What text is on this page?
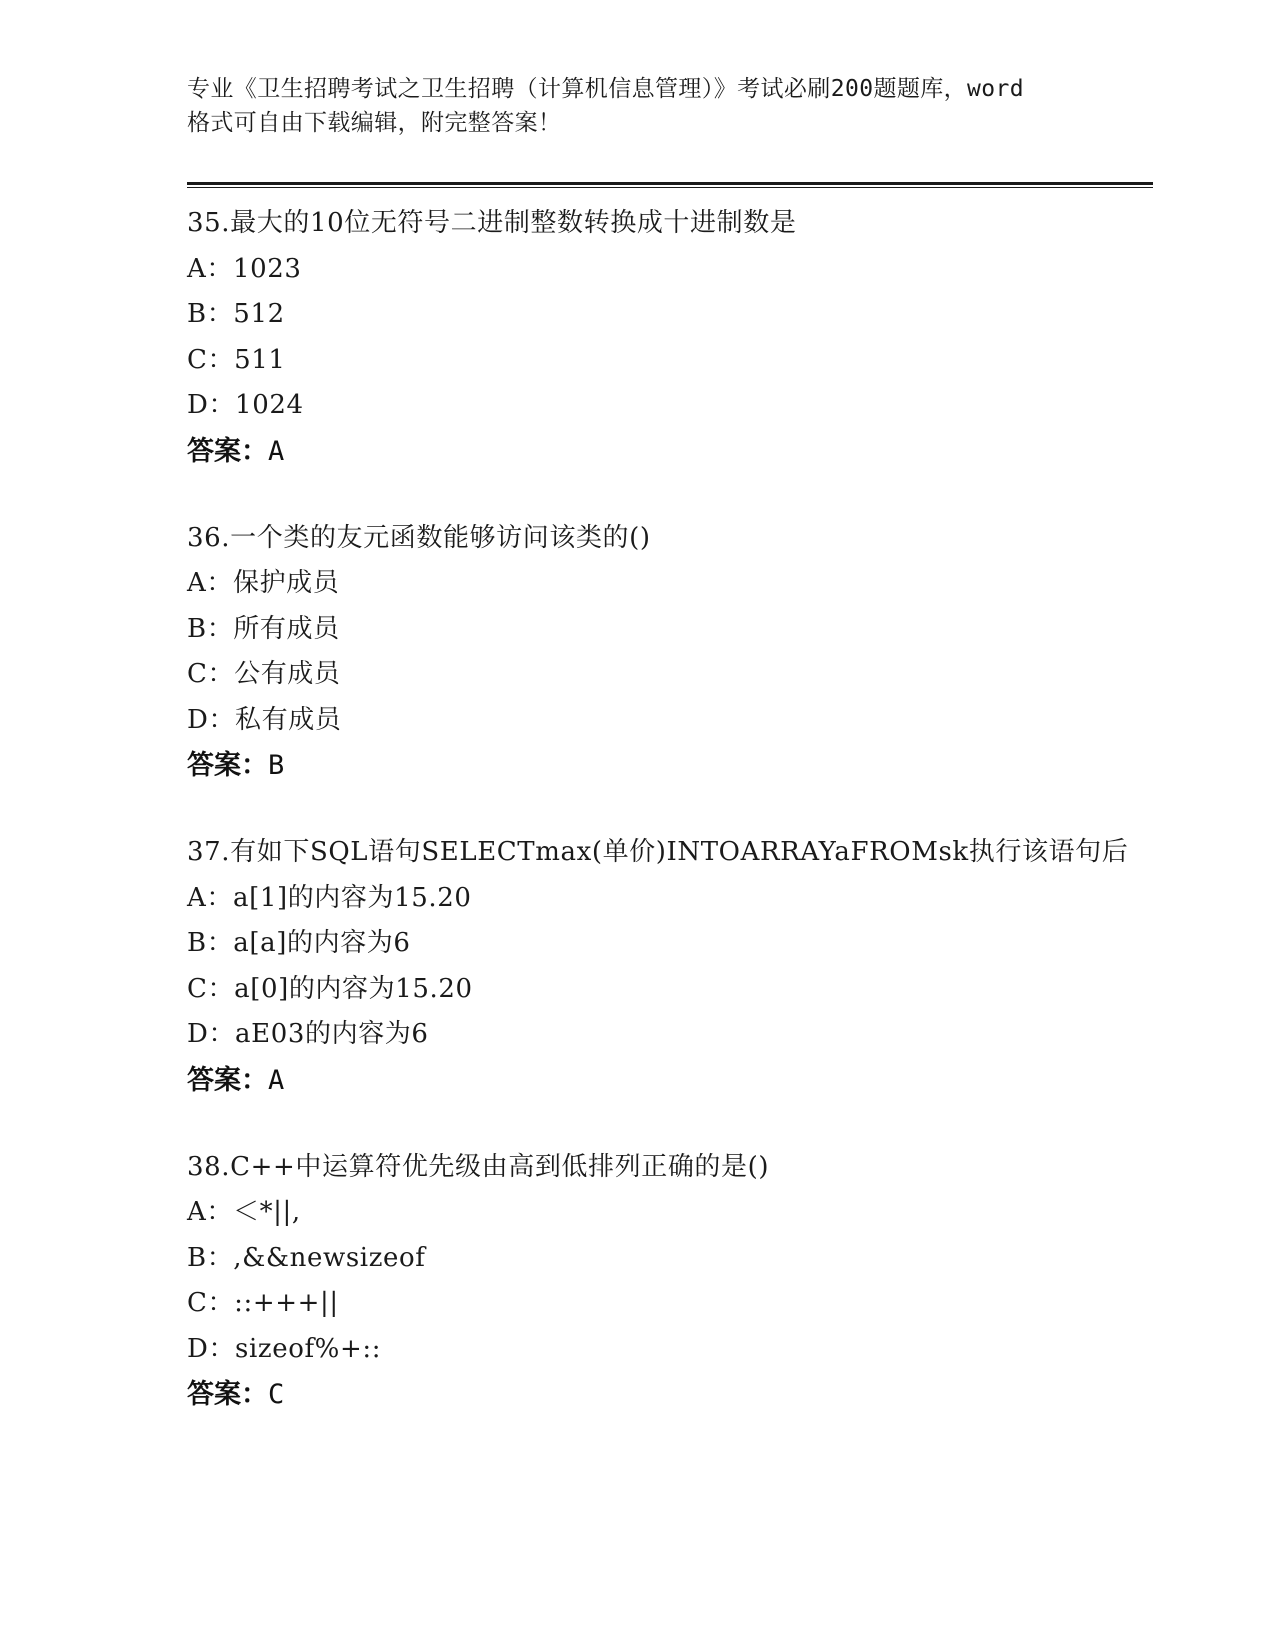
专业《卫生招聘考试之卫生招聘（计算机信息管理）》考试必刷200题题库，word
格式可自由下载编辑，附完整答案！
35.最大的10位无符号二进制整数转换成十进制数是
A：1023
B：512
C：511
D：1024
答案：A
36.一个类的友元函数能够访问该类的()
A：保护成员
B：所有成员
C：公有成员
D：私有成员
答案：B
37.有如下SQL语句SELECTmax(单价)INTOARRAYaFROMsk执行该语句后
A：a[1]的内容为15.20
B：a[a]的内容为6
C：a[0]的内容为15.20
D：aE03的内容为6
答案：A
38.C++中运算符优先级由高到低排列正确的是()
A：＜*||,
B：,&&newsizeof
C：::+++||
D：sizeof%+::
答案：C
